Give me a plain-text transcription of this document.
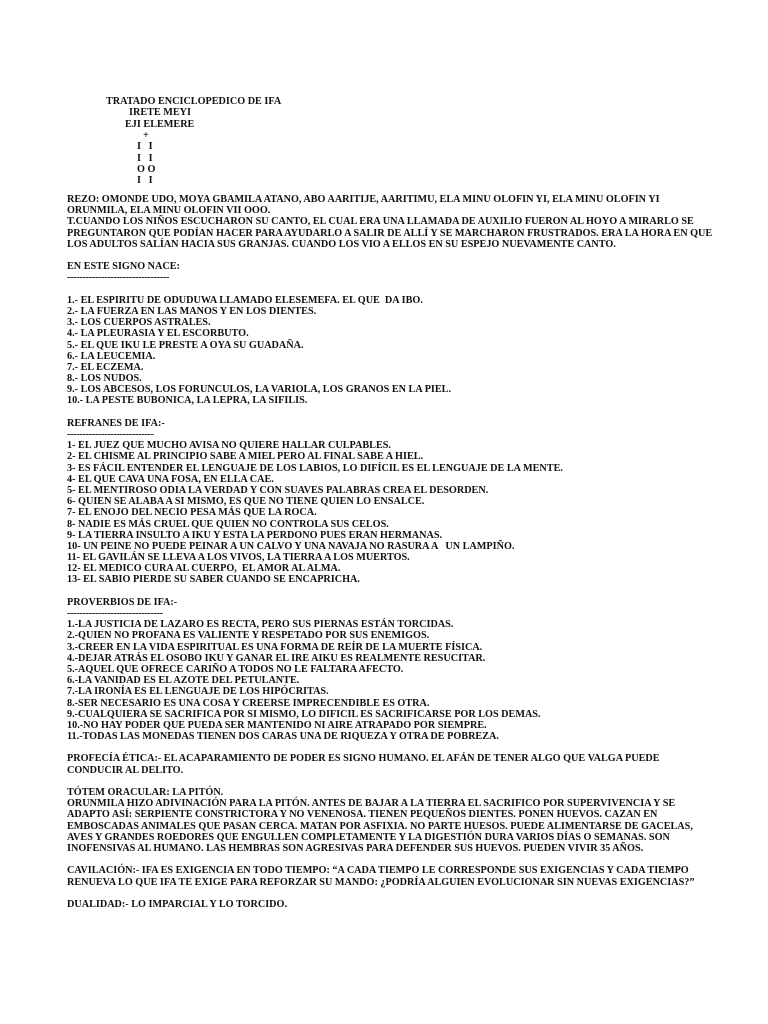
TRATADO ENCICLOPEDICO DE IFA
IRETE MEYI
EJI ELEMERE
+
I   I
I   I
O O
I   I
REZO: OMONDE UDO, MOYA GBAMILA ATANO, ABO AARITIJE, AARITIMU, ELA MINU OLOFIN YI, ELA MINU OLOFIN YI ORUNMILA, ELA MINU OLOFIN VII OOO.
T.CUANDO LOS NIÑOS ESCUCHARON SU CANTO, EL CUAL ERA UNA LLAMADA DE AUXILIO FUERON AL HOYO A MIRARLO SE PREGUNTARON QUE PODÍAN HACER PARA AYUDARLO A SALIR DE ALLÍ Y SE MARCHARON FRUSTRADOS. ERA LA HORA EN QUE LOS ADULTOS SALÍAN HACIA SUS GRANJAS. CUANDO LOS VIO A ELLOS EN SU ESPEJO NUEVAMENTE CANTO.
EN ESTE SIGNO NACE:
---------------------------------
1.- EL ESPIRITU DE ODUDUWA LLAMADO ELESEMEFA. EL QUE  DA IBO.
2.- LA FUERZA EN LAS MANOS Y EN LOS DIENTES.
3.- LOS CUERPOS ASTRALES.
4.- LA PLEURASIA Y EL ESCORBUTO.
5.- EL QUE IKU LE PRESTE A OYA SU GUADAÑA.
6.- LA LEUCEMIA.
7.- EL ECZEMA.
8.- LOS NUDOS.
9.- LOS ABCESOS, LOS FORUNCULOS, LA VARIOLA, LOS GRANOS EN LA PIEL.
10.- LA PESTE BUBONICA, LA LEPRA, LA SIFILIS.
REFRANES DE IFA:-
----------------------------
1- EL JUEZ QUE MUCHO AVISA NO QUIERE HALLAR CULPABLES.
2- EL CHISME AL PRINCIPIO SABE A MIEL PERO AL FINAL SABE A HIEL.
3- ES FÁCIL ENTENDER EL LENGUAJE DE LOS LABIOS, LO DIFÍCIL ES EL LENGUAJE DE LA MENTE.
4- EL QUE CAVA UNA FOSA, EN ELLA CAE.
5- EL MENTIROSO ODIA LA VERDAD Y CON SUAVES PALABRAS CREA EL DESORDEN.
6- QUIEN SE ALABA A SI MISMO, ES QUE NO TIENE QUIEN LO ENSALCE.
7- EL ENOJO DEL NECIO PESA MÁS QUE LA ROCA.
8- NADIE ES MÁS CRUEL QUE QUIEN NO CONTROLA SUS CELOS.
9- LA TIERRA INSULTO A IKU Y ESTA LA PERDONO PUES ERAN HERMANAS.
10- UN PEINE NO PUEDE PEINAR A UN CALVO Y UNA NAVAJA NO RASURA A   UN LAMPIÑO.
11- EL GAVILÁN SE LLEVA A LOS VIVOS, LA TIERRA A LOS MUERTOS.
12- EL MEDICO CURA AL CUERPO,  EL AMOR AL ALMA.
13- EL SABIO PIERDE SU SABER CUANDO SE ENCAPRICHA.
PROVERBIOS DE IFA:-
-------------------------------
1.-LA JUSTICIA DE LAZARO ES RECTA, PERO SUS PIERNAS ESTÁN TORCIDAS.
2.-QUIEN NO PROFANA ES VALIENTE Y RESPETADO POR SUS ENEMIGOS.
3.-CREER EN LA VIDA ESPIRITUAL ES UNA FORMA DE REÍR DE LA MUERTE FÍSICA.
4.-DEJAR ATRÁS EL OSOBO IKU Y GANAR EL IRE AIKU ES REALMENTE RESUCITAR.
5.-AQUEL QUE OFRECE CARIÑO A TODOS NO LE FALTARA AFECTO.
6.-LA VANIDAD ES EL AZOTE DEL PETULANTE.
7.-LA IRONÍA ES EL LENGUAJE DE LOS HIPÓCRITAS.
8.-SER NECESARIO ES UNA COSA Y CREERSE IMPRECENDIBLE ES OTRA.
9.-CUALQUIERA SE SACRIFICA POR SI MISMO, LO DIFICIL ES SACRIFICARSE POR LOS DEMAS.
10.-NO HAY PODER QUE PUEDA SER MANTENIDO NI AIRE ATRAPADO POR SIEMPRE.
11.-TODAS LAS MONEDAS TIENEN DOS CARAS UNA DE RIQUEZA Y OTRA DE POBREZA.
PROFECÍA ÉTICA:- EL ACAPARAMIENTO DE PODER ES SIGNO HUMANO. EL AFÁN DE TENER ALGO QUE VALGA PUEDE CONDUCIR AL DELITO.
TÓTEM ORACULAR: LA PITÓN.
ORUNMILA HIZO ADIVINACIÓN PARA LA PITÓN. ANTES DE BAJAR A LA TIERRA EL SACRIFICO POR SUPERVIVENCIA Y SE ADAPTO ASÍ: SERPIENTE CONSTRICTORA Y NO VENENOSA. TIENEN PEQUEÑOS DIENTES. PONEN HUEVOS. CAZAN EN EMBOSCADAS ANIMALES QUE PASAN CERCA. MATAN POR ASFIXIA. NO PARTE HUESOS. PUEDE ALIMENTARSE DE GACELAS, AVES Y GRANDES ROEDORES QUE ENGULLEN COMPLETAMENTE Y LA DIGESTIÓN DURA VARIOS DÍAS O SEMANAS. SON INOFENSIVAS AL HUMANO. LAS HEMBRAS SON AGRESIVAS PARA DEFENDER SUS HUEVOS. PUEDEN VIVIR 35 AÑOS.
CAVILACIÓN:- IFA ES EXIGENCIA EN TODO TIEMPO: “A CADA TIEMPO LE CORRESPONDE SUS EXIGENCIAS Y CADA TIEMPO RENUEVA LO QUE IFA TE EXIGE PARA REFORZAR SU MANDO: ¿PODRÍA ALGUIEN EVOLUCIONAR SIN NUEVAS EXIGENCIAS?”
DUALIDAD:- LO IMPARCIAL Y LO TORCIDO.
